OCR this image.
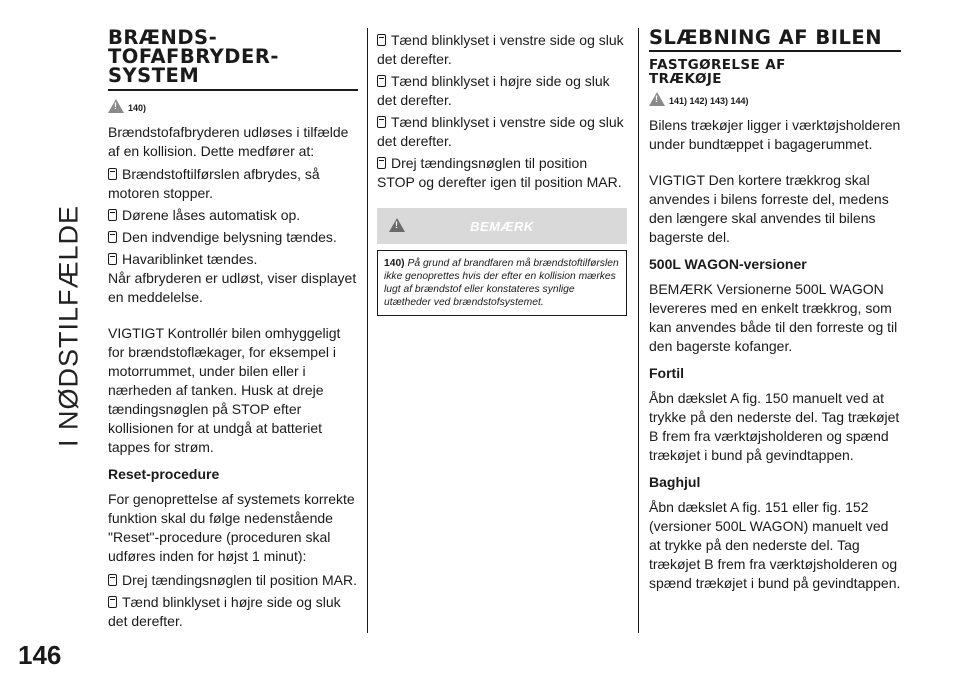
I NØDSTILFÆLDE
146
BRÆNDS-
TOFAFBRYDER-
SYSTEM
!
140)

Brændstofafbryderen udløses i tilfælde af en kollision. Dette medfører at:

Brændstoftilførslen afbrydes, så motoren stopper.

Dørene låses automatisk op.

Den indvendige belysning tændes.

Havariblinket tændes.

Når afbryderen er udløst, viser displayet en meddelelse.

VIGTIGT Kontrollér bilen omhyggeligt for brændstoflækager, for eksempel i motorrummet, under bilen eller i nærheden af tanken. Husk at dreje tændingsnøglen på STOP efter kollisionen for at undgå at batteriet tappes for strøm.

Reset-procedure

For genoprettelse af systemets korrekte funktion skal du følge nedenstående "Reset"-procedure (proceduren skal udføres inden for højst 1 minut):

Drej tændingsnøglen til position MAR.

Tænd blinklyset i højre side og sluk det derefter.

Tænd blinklyset i venstre side og sluk det derefter.

Tænd blinklyset i højre side og sluk det derefter.

Tænd blinklyset i venstre side og sluk det derefter.

Drej tændingsnøglen til position STOP og derefter igen til position MAR.

!
BEMÆRK
140) På grund af brandfaren må brændstoftilførslen ikke genoprettes hvis der efter en kollision mærkes lugt af brændstof eller konstateres synlige utætheder ved brændstofsystemet.
SLÆBNING AF BILEN
FASTGØRELSE AF
TRÆKØJE
!
141) 142) 143) 144)

Bilens trækøjer ligger i værktøjsholderen under bundtæppet i bagagerummet.

VIGTIGT Den kortere trækkrog skal anvendes i bilens forreste del, medens den længere skal anvendes til bilens bagerste del.

500L WAGON-versioner

BEMÆRK Versionerne 500L WAGON levereres med en enkelt trækkrog, som kan anvendes både til den forreste og til den bagerste kofanger.

Fortil

Åbn dækslet A fig. 150 manuelt ved at trykke på den nederste del. Tag trækøjet B frem fra værktøjsholderen og spænd trækøjet i bund på gevindtappen.

Baghjul

Åbn dækslet A fig. 151 eller fig. 152 (versioner 500L WAGON) manuelt ved at trykke på den nederste del. Tag trækøjet B frem fra værktøjsholderen og spænd trækøjet i bund på gevindtappen.
